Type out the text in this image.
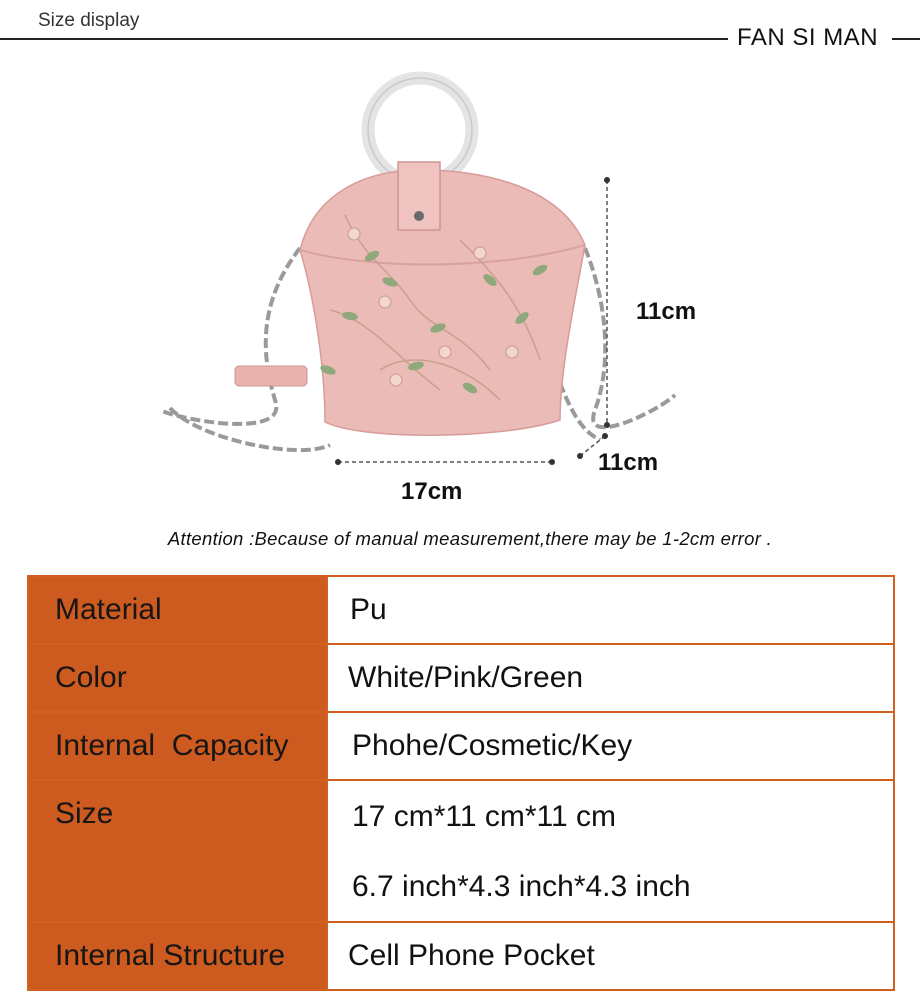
Size display
FAN SI MAN
11cm
11cm
17cm
Attention :Because of manual measurement,there may be 1-2cm error .
Material	Pu

Color	White/Pink/Green

Internal  Capacity	Phohe/Cosmetic/Key

Size	17 cm*11 cm*11 cm
6.7 inch*4.3 inch*4.3 inch

Internal Structure	Cell Phone Pocket
